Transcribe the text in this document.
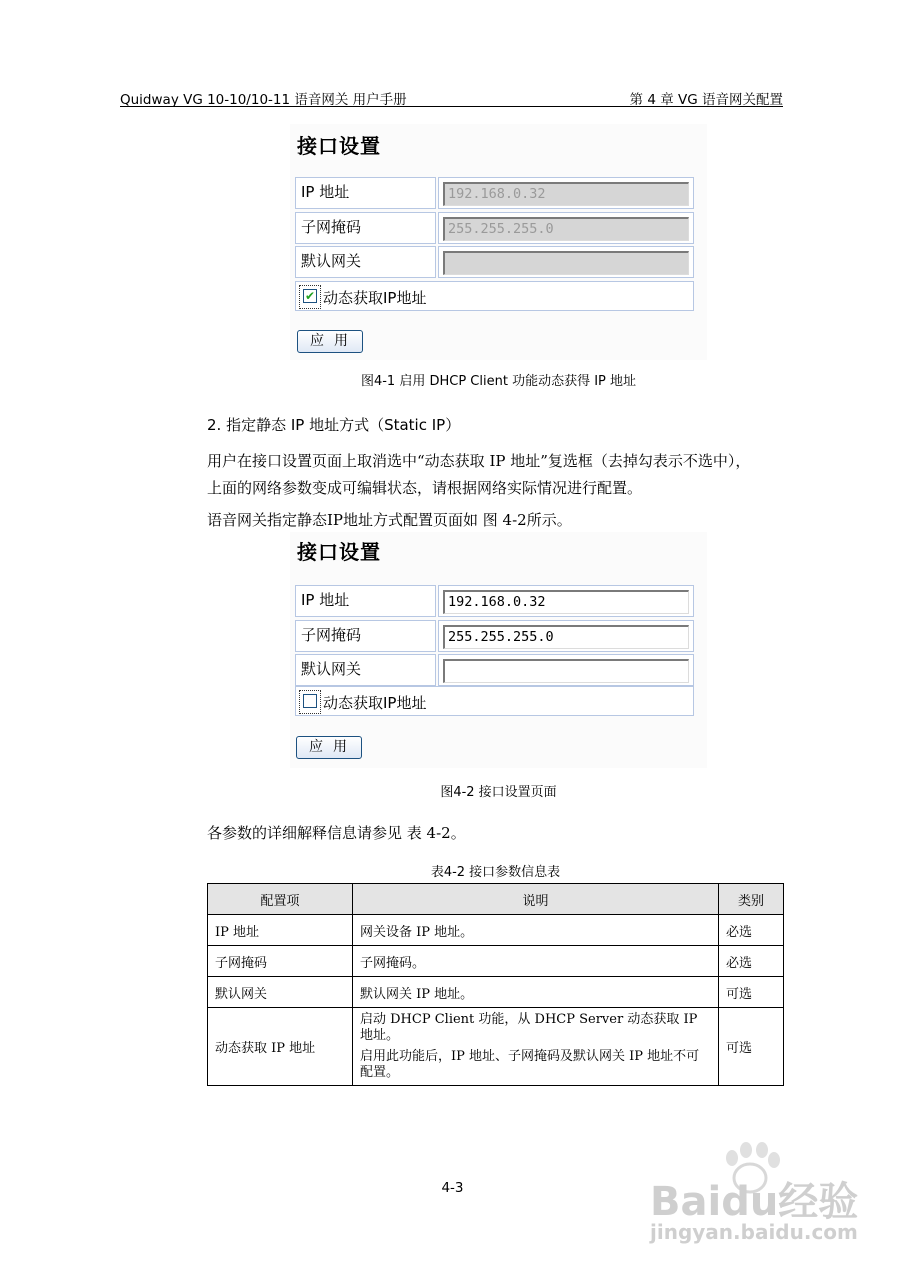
Quidway VG 10-10/10-11 语音网关 用户手册	第 4 章 VG 语音网关配置
接口设置
IP 地址	192.168.0.32
子网掩码	255.255.255.0
默认网关
✔ 动态获取IP地址
应用
图4-1 启用 DHCP Client 功能动态获得 IP 地址
2. 指定静态 IP 地址方式（Static IP）
用户在接口设置页面上取消选中“动态获取 IP 地址”复选框（去掉勾表示不选中），
上面的网络参数变成可编辑状态，请根据网络实际情况进行配置。
语音网关指定静态IP地址方式配置页面如 图 4-2所示。
接口设置
IP 地址	192.168.0.32
子网掩码	255.255.255.0
默认网关
动态获取IP地址
应用
图4-2 接口设置页面
各参数的详细解释信息请参见 表 4-2。
表4-2 接口参数信息表
配置项	说明	类别
IP 地址	网关设备 IP 地址。	必选
子网掩码	子网掩码。	必选
默认网关	默认网关 IP 地址。	可选
动态获取 IP 地址	启动 DHCP Client 功能，从 DHCP Server 动态获取 IP 地址。
启用此功能后，IP 地址、子网掩码及默认网关 IP 地址不可
配置。	可选
4-3	Baidu经验
jingyan.baidu.com
